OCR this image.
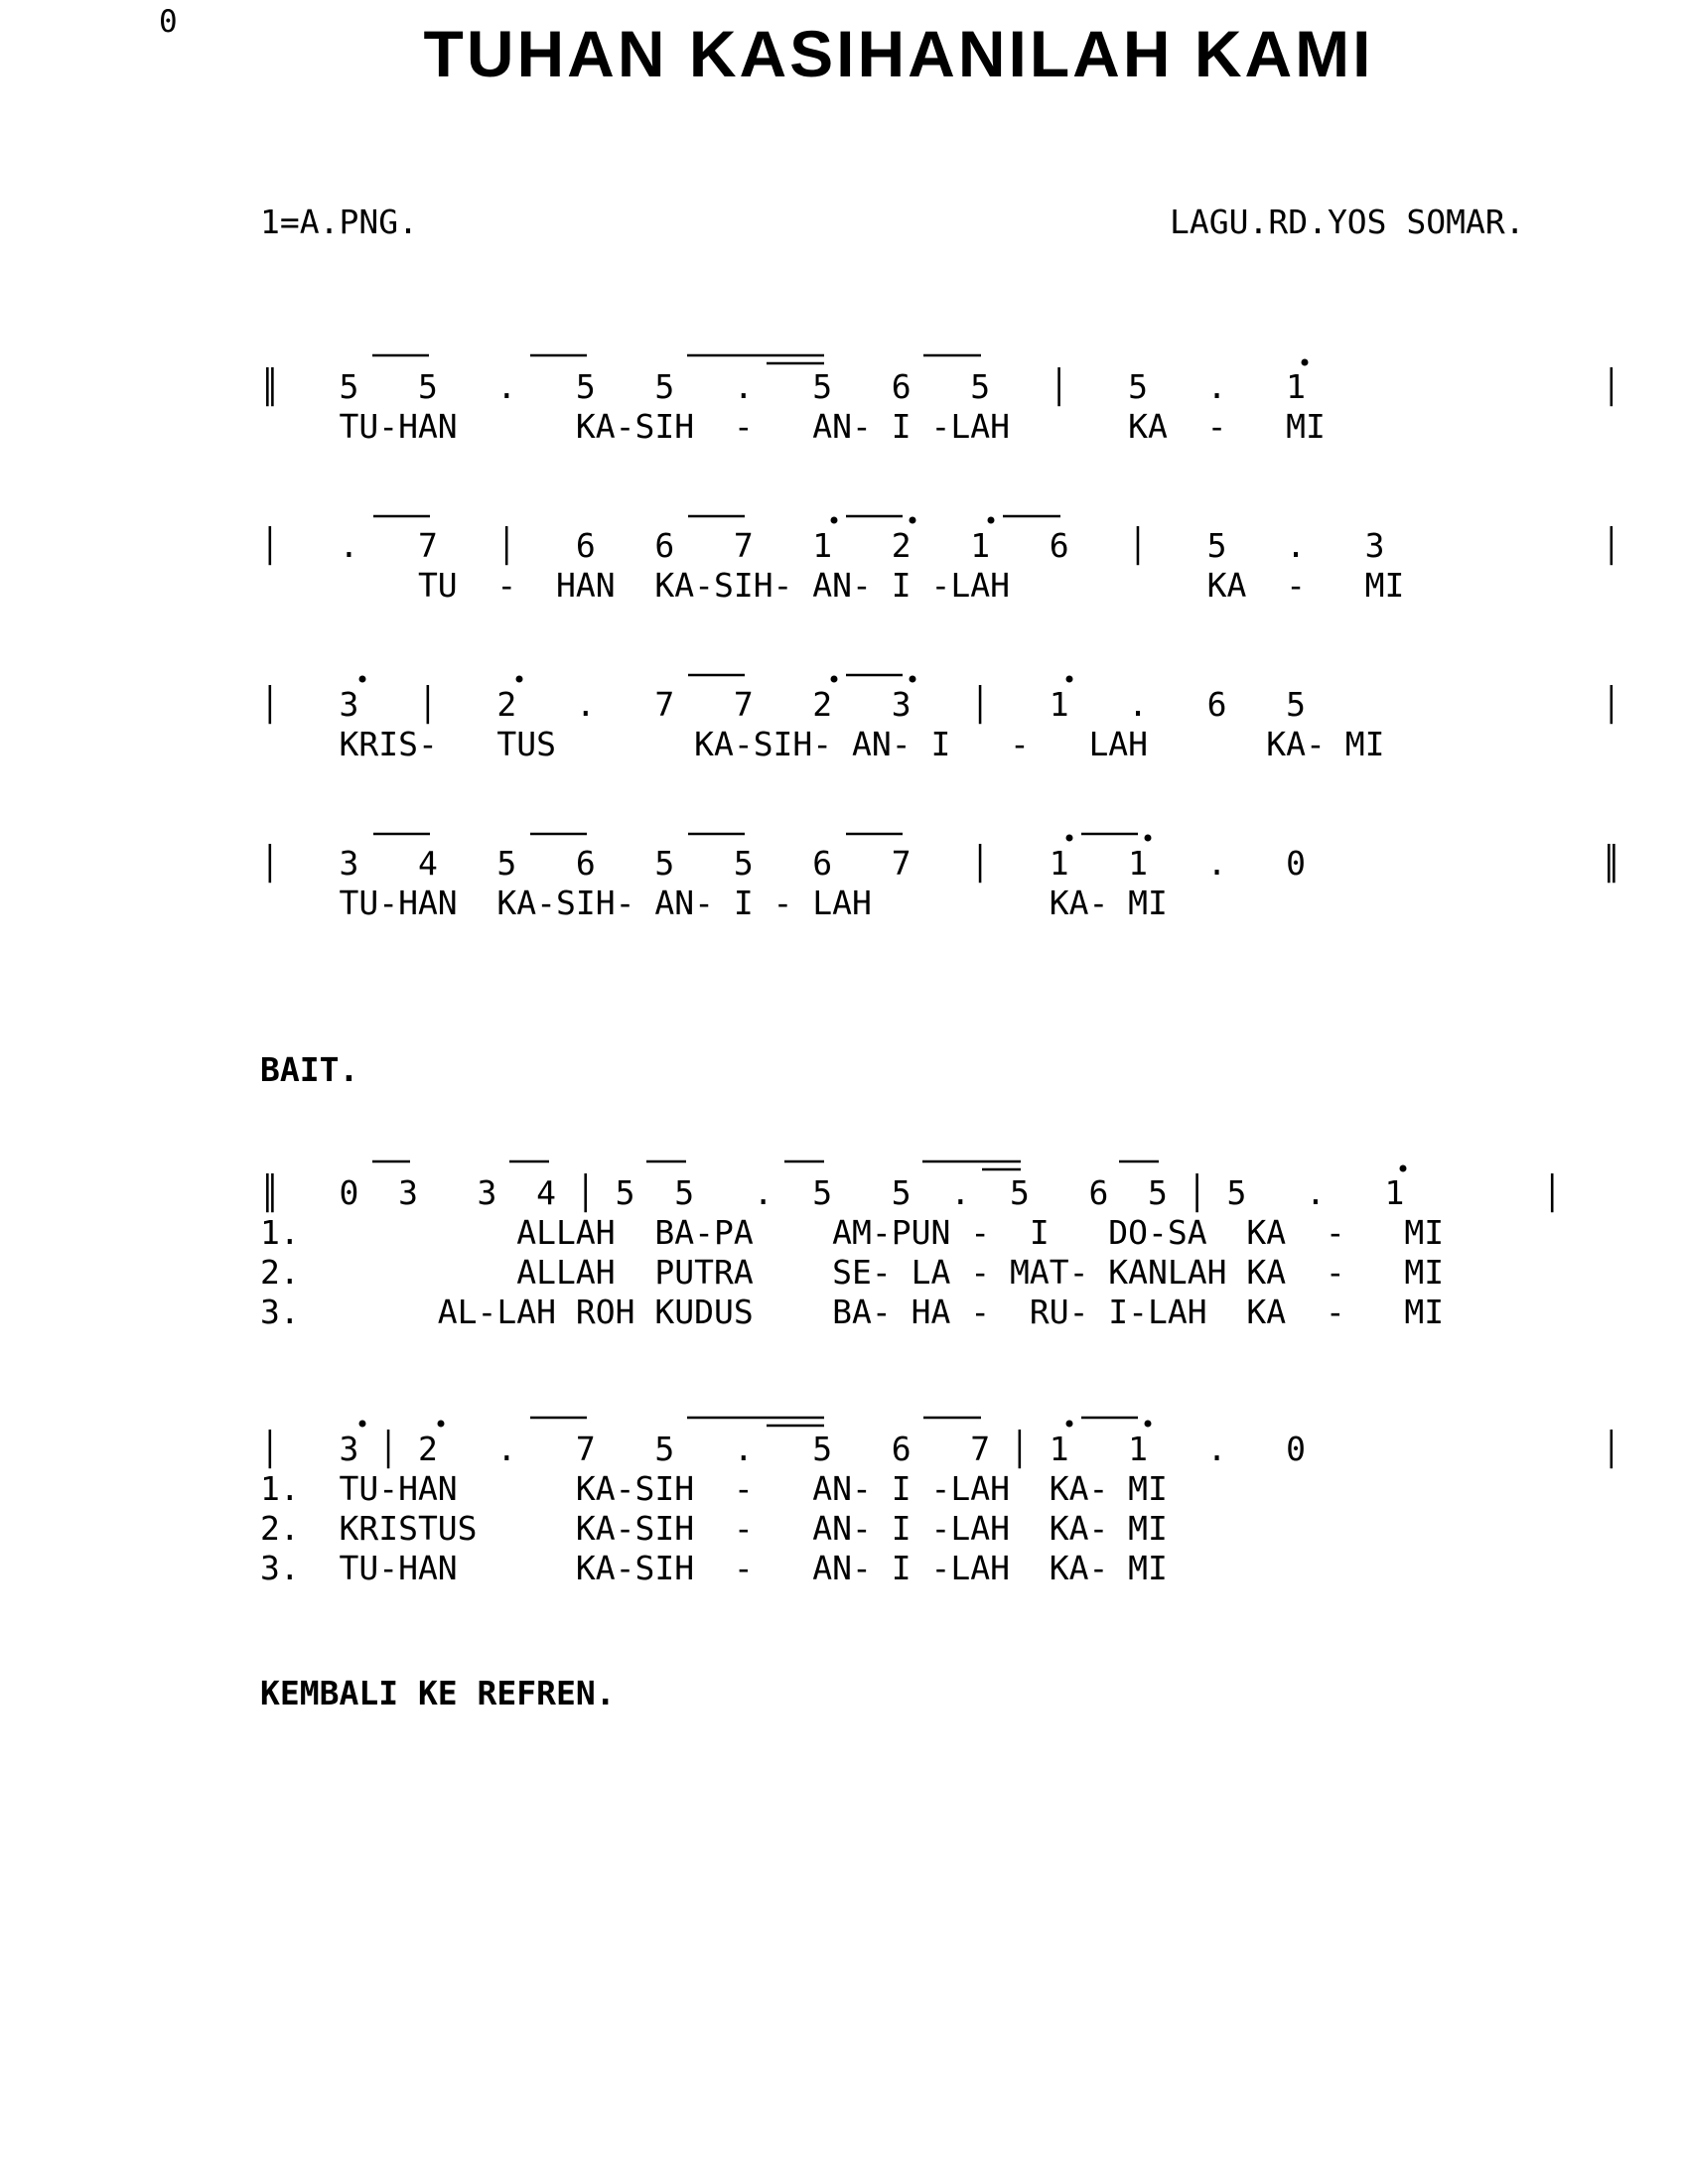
0	TUHAN KASIHANILAH KAMI
1=A.PNG.	LAGU.RD.YOS SOMAR.
║   5   5   .   5   5   .   5   6   5   │   5   .   1               │
TU-HAN      KA-SIH  -   AN- I -LAH      KA  -   MI
│   .   7   │   6   6   7   1   2   1   6   │   5   .   3           │
TU  -  HAN  KA-SIH- AN- I -LAH          KA  -   MI
│   3   │   2   .   7   7   2   3   │   1   .   6   5               │
KRIS-   TUS       KA-SIH- AN- I   -   LAH      KA- MI
│   3   4   5   6   5   5   6   7   │   1   1   .   0               ║
TU-HAN  KA-SIH- AN- I - LAH         KA- MI
BAIT.
║   0  3   3  4 │ 5  5   .  5   5  .  5   6  5 │ 5   .   1       │
1.           ALLAH  BA-PA    AM-PUN -  I   DO-SA  KA  -   MI
2.           ALLAH  PUTRA    SE- LA - MAT- KANLAH KA  -   MI
3.       AL-LAH ROH KUDUS    BA- HA -  RU- I-LAH  KA  -   MI
│   3 │ 2   .   7   5   .   5   6   7 │ 1   1   .   0               │
1.  TU-HAN      KA-SIH  -   AN- I -LAH  KA- MI
2.  KRISTUS     KA-SIH  -   AN- I -LAH  KA- MI
3.  TU-HAN      KA-SIH  -   AN- I -LAH  KA- MI
KEMBALI KE REFREN.
